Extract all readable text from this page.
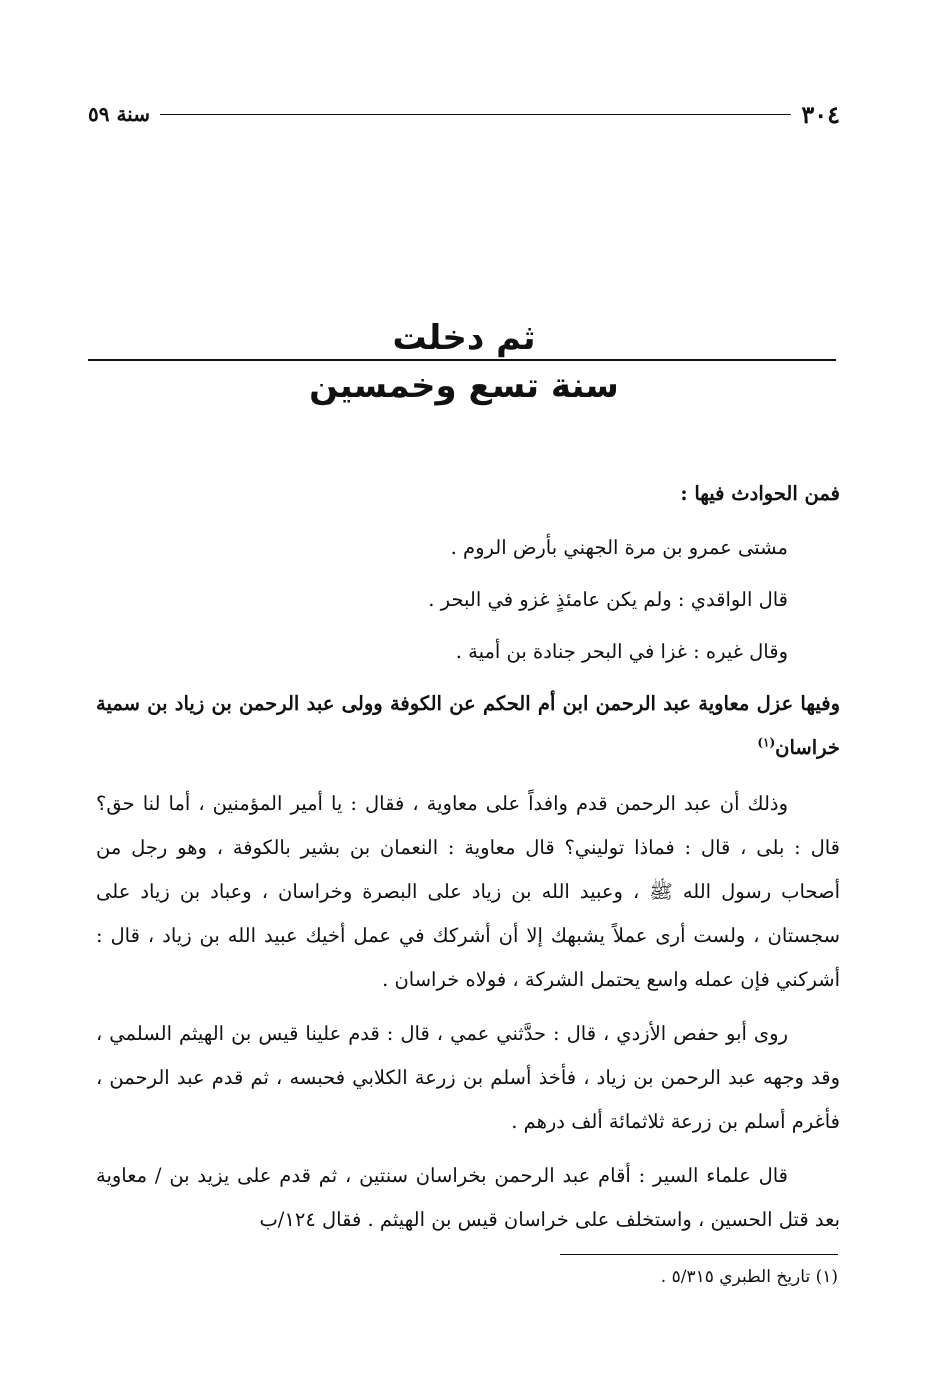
٣٠٤
سنة ٥٩
ثم دخلت
سنة تسع وخمسين

فمن الحوادث فيها :

مشتى عمرو بن مرة الجهني بأرض الروم .

قال الواقدي : ولم يكن عامئذٍ غزو في البحر .

وقال غيره : غزا في البحر جنادة بن أمية .

وفيها عزل معاوية عبد الرحمن ابن أم الحكم عن الكوفة وولى عبد الرحمن بن زياد بن سمية خراسان$^{(١)}$

وذلك أن عبد الرحمن قدم وافداً على معاوية ، فقال : يا أمير المؤمنين ، أما لنا حق؟ قال : بلى ، قال : فماذا توليني؟ قال معاوية : النعمان بن بشير بالكوفة ، وهو رجل من أصحاب رسول الله ﷺ ، وعبيد الله بن زياد على البصرة وخراسان ، وعباد بن زياد على سجستان ، ولست أرى عملاً يشبهك إلا أن أشركك في عمل أخيك عبيد الله بن زياد ، قال : أشركني فإن عمله واسع يحتمل الشركة ، فولاه خراسان .

روى أبو حفص الأزدي ، قال : حدَّثني عمي ، قال : قدم علينا قيس بن الهيثم السلمي ، وقد وجهه عبد الرحمن بن زياد ، فأخذ أسلم بن زرعة الكلابي فحبسه ، ثم قدم عبد الرحمن ، فأغرم أسلم بن زرعة ثلاثمائة ألف درهم .

قال علماء السير : أقام عبد الرحمن بخراسان سنتين ، ثم قدم على يزيد بن / معاوية بعد قتل الحسين ، واستخلف على خراسان قيس بن الهيثم . فقال ١٢٤/ب

(١) تاريخ الطبري ٥/٣١٥ .
